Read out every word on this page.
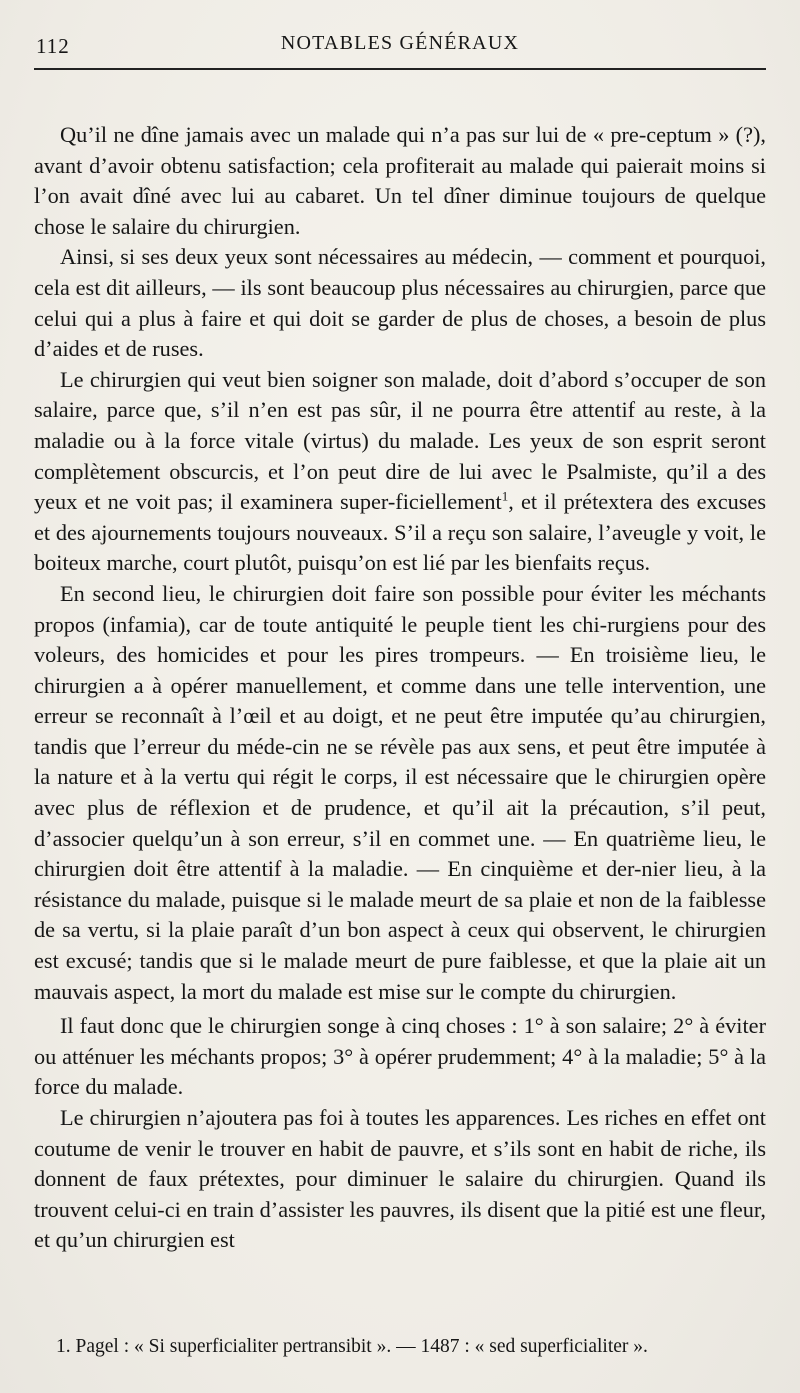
112	NOTABLES GÉNÉRAUX

Qu’il ne dîne jamais avec un malade qui n’a pas sur lui de « pre-ceptum » (?), avant d’avoir obtenu satisfaction; cela profiterait au malade qui paierait moins si l’on avait dîné avec lui au cabaret. Un tel dîner diminue toujours de quelque chose le salaire du chirurgien.

Ainsi, si ses deux yeux sont nécessaires au médecin, — comment et pourquoi, cela est dit ailleurs, — ils sont beaucoup plus nécessaires au chirurgien, parce que celui qui a plus à faire et qui doit se garder de plus de choses, a besoin de plus d’aides et de ruses.

Le chirurgien qui veut bien soigner son malade, doit d’abord s’occuper de son salaire, parce que, s’il n’en est pas sûr, il ne pourra être attentif au reste, à la maladie ou à la force vitale (virtus) du malade. Les yeux de son esprit seront complètement obscurcis, et l’on peut dire de lui avec le Psalmiste, qu’il a des yeux et ne voit pas; il examinera super-ficiellement$^1$, et il prétextera des excuses et des ajournements toujours nouveaux. S’il a reçu son salaire, l’aveugle y voit, le boiteux marche, court plutôt, puisqu’on est lié par les bienfaits reçus.

En second lieu, le chirurgien doit faire son possible pour éviter les méchants propos (infamia), car de toute antiquité le peuple tient les chi-rurgiens pour des voleurs, des homicides et pour les pires trompeurs. — En troisième lieu, le chirurgien a à opérer manuellement, et comme dans une telle intervention, une erreur se reconnaît à l’œil et au doigt, et ne peut être imputée qu’au chirurgien, tandis que l’erreur du méde-cin ne se révèle pas aux sens, et peut être imputée à la nature et à la vertu qui régit le corps, il est nécessaire que le chirurgien opère avec plus de réflexion et de prudence, et qu’il ait la précaution, s’il peut, d’associer quelqu’un à son erreur, s’il en commet une. — En quatrième lieu, le chirurgien doit être attentif à la maladie. — En cinquième et der-nier lieu, à la résistance du malade, puisque si le malade meurt de sa plaie et non de la faiblesse de sa vertu, si la plaie paraît d’un bon aspect à ceux qui observent, le chirurgien est excusé; tandis que si le malade meurt de pure faiblesse, et que la plaie ait un mauvais aspect, la mort du malade est mise sur le compte du chirurgien.

Il faut donc que le chirurgien songe à cinq choses : 1° à son salaire; 2° à éviter ou atténuer les méchants propos; 3° à opérer prudemment; 4° à la maladie; 5° à la force du malade.

Le chirurgien n’ajoutera pas foi à toutes les apparences. Les riches en effet ont coutume de venir le trouver en habit de pauvre, et s’ils sont en habit de riche, ils donnent de faux prétextes, pour diminuer le salaire du chirurgien. Quand ils trouvent celui-ci en train d’assister les pauvres, ils disent que la pitié est une fleur, et qu’un chirurgien est

1. Pagel : « Si superficialiter pertransibit ». — 1487 : « sed superficialiter ».
